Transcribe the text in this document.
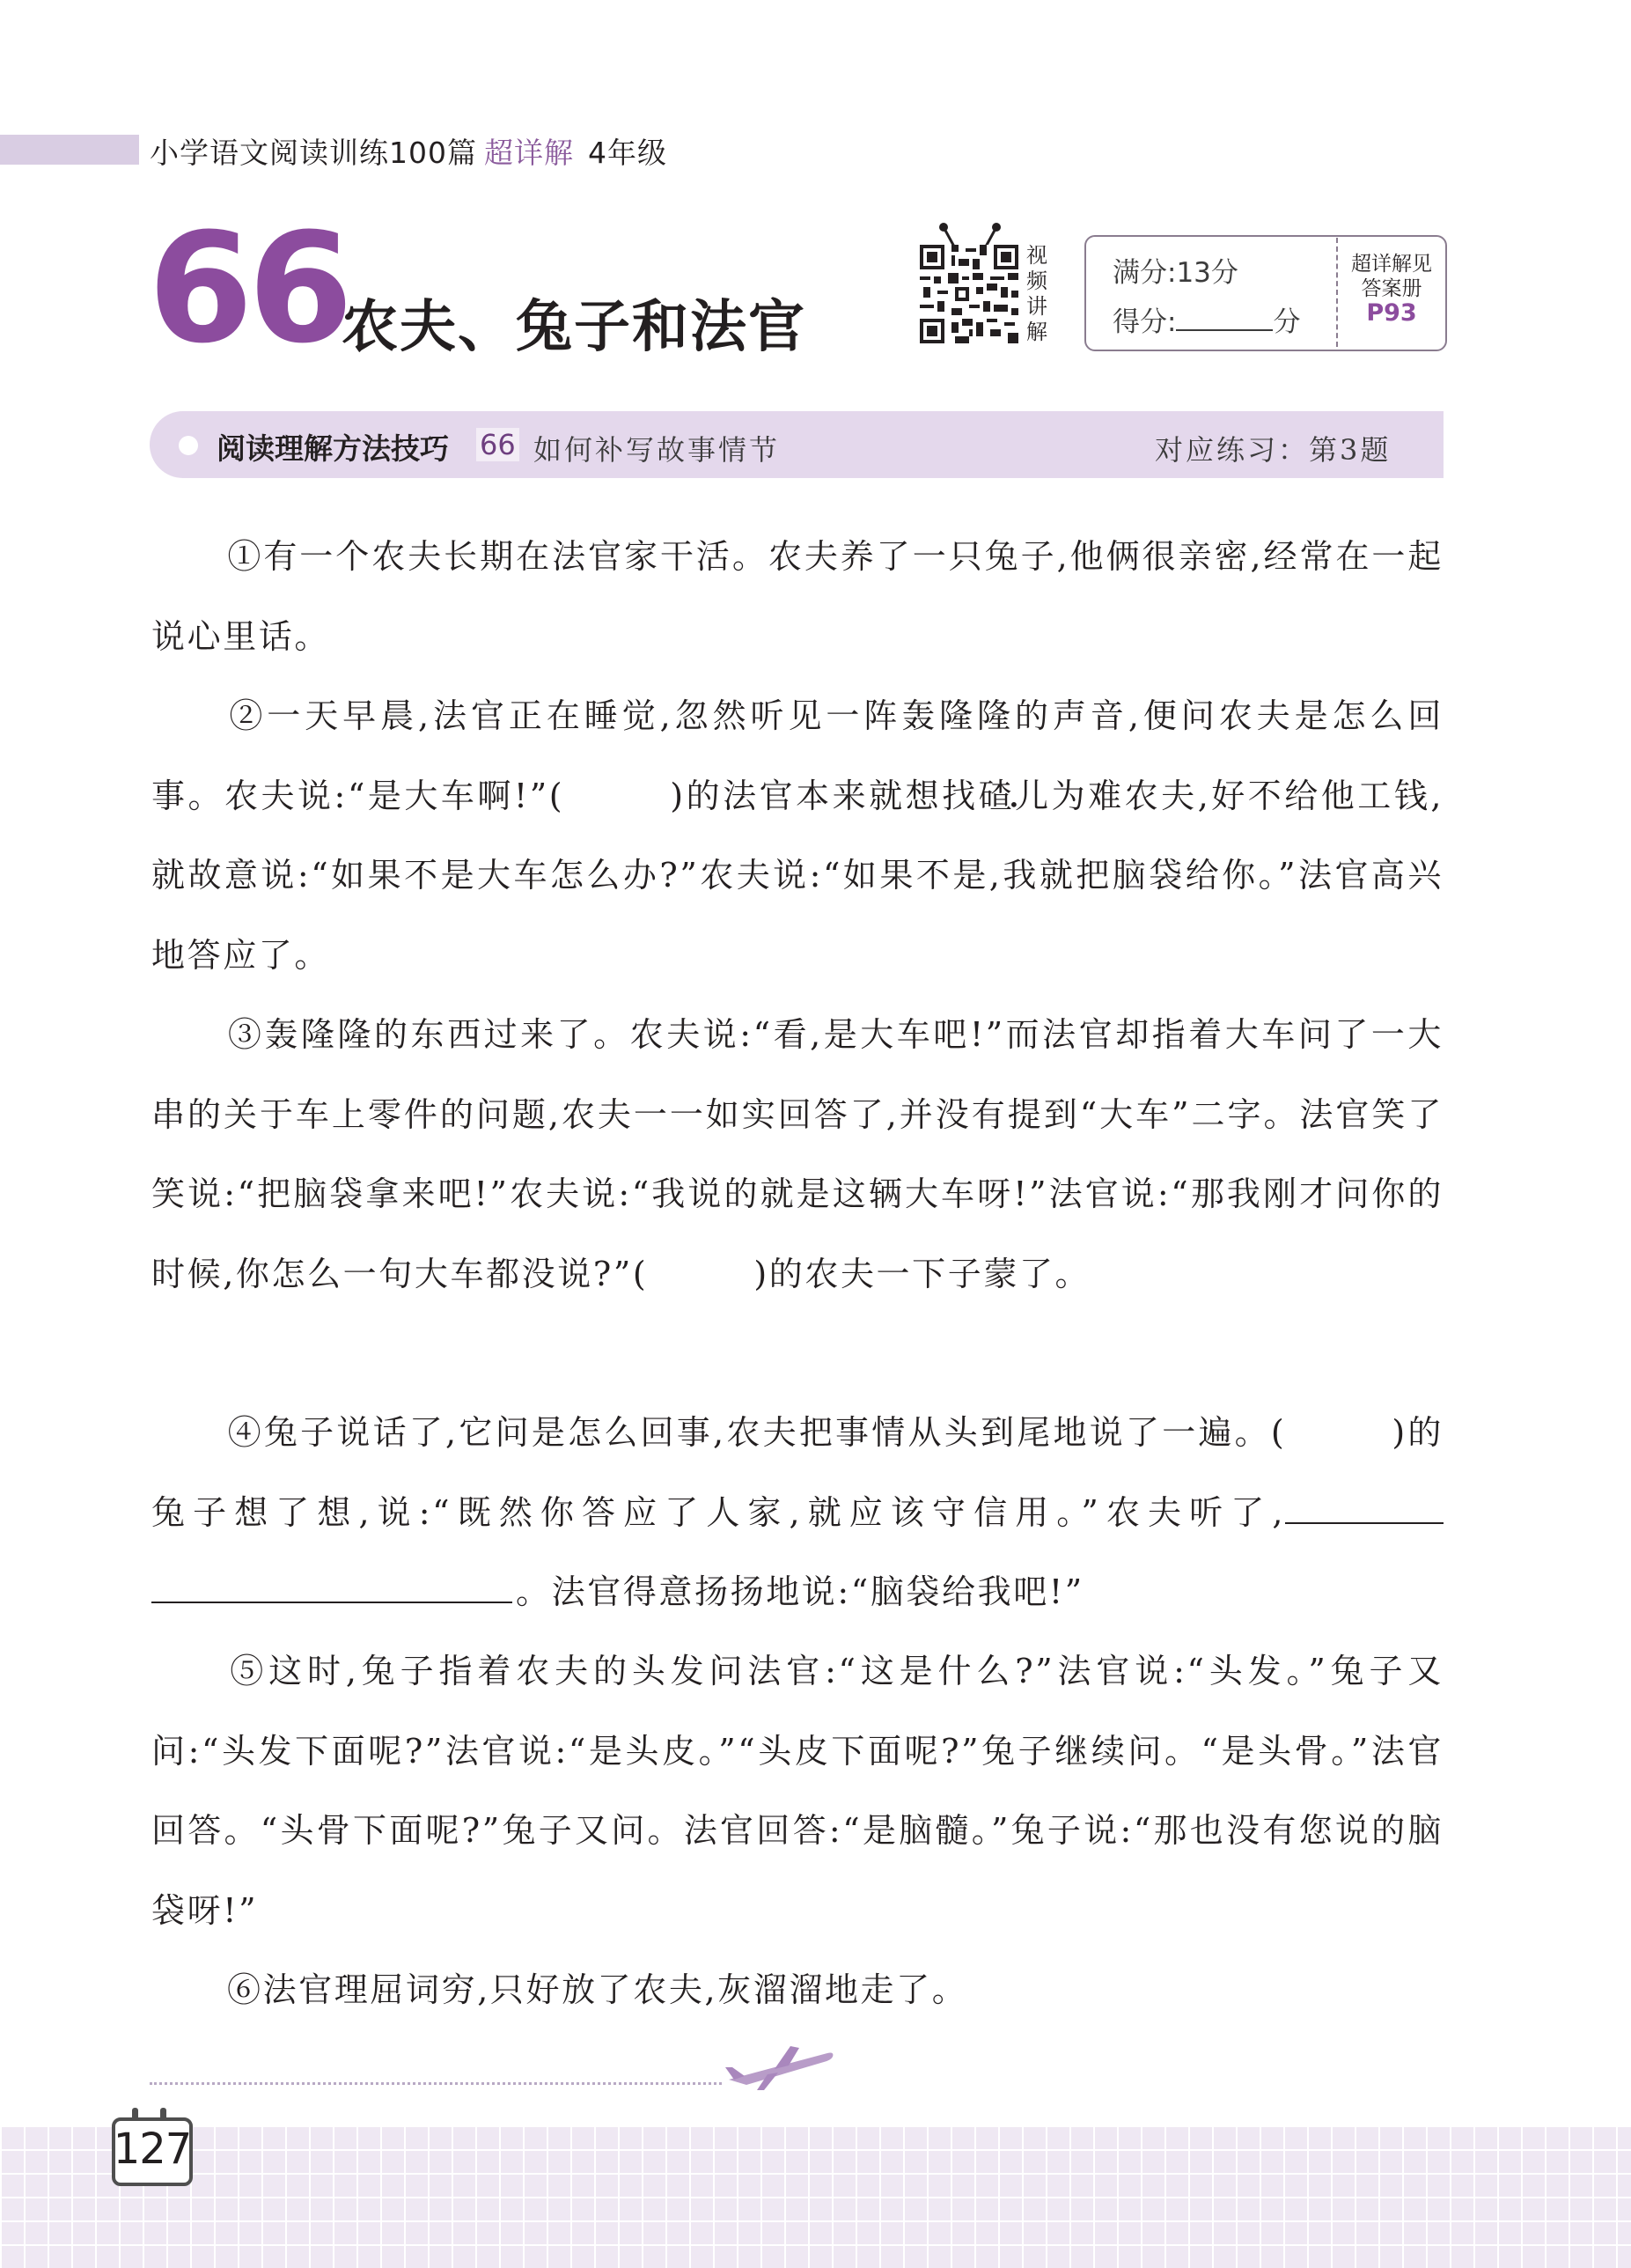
小学语文阅读训练100篇 超详解 4年级
66
农夫、兔子和法官
视
频
讲
解
满分:13分
得分:	分
超详解见
答案册
P93
阅读理解方法技巧 66 如何补写故事情节	对应练习：第3题

①有一个农夫长期在法官家干活。农夫养了一只兔子,他俩很亲密,经常在一起说心里话。

②一天早晨,法官正在睡觉,忽然听见一阵轰隆隆的声音,便问农夫是怎么回事。农夫说:“是大车啊!”(	)的法官本来就想找碴儿 •为难农夫,好不给他工钱,就故意说:“如果不是大车怎么办?”农夫说:“如果不是,我就把脑袋给你。”法官高兴地答应了。

③轰隆隆的东西过来了。农夫说:“看,是大车吧!”而法官却指着大车问了一大串的关于车上零件的问题,农夫一一如实回答了,并没有提到“大车”二字。法官笑了笑说:“把脑袋拿来吧!”农夫说:“我说的就是这辆大车呀!”法官说:“那我刚才问你的时候,你怎么一句大车都没说?”(	)的农夫一下子蒙了。

④兔子说话了,它问是怎么回事,农夫把事情从头到尾地说了一遍。(	)的兔子想了想,说:“既然你答应了人家,就应该守信用。”农夫听了,。法官得意扬扬地说:“脑袋给我吧!”

⑤这时,兔子指着农夫的头发问法官:“这是什么?”法官说:“头发。”兔子又问:“头发下面呢?”法官说:“是头皮。”“头皮下面呢?”兔子继续问。“是头骨。”法官回答。“头骨下面呢?”兔子又问。法官回答:“是脑髓。”兔子说:“那也没有您说的脑袋呀!”

⑥法官理屈词穷,只好放了农夫,灰溜溜地走了。

127
